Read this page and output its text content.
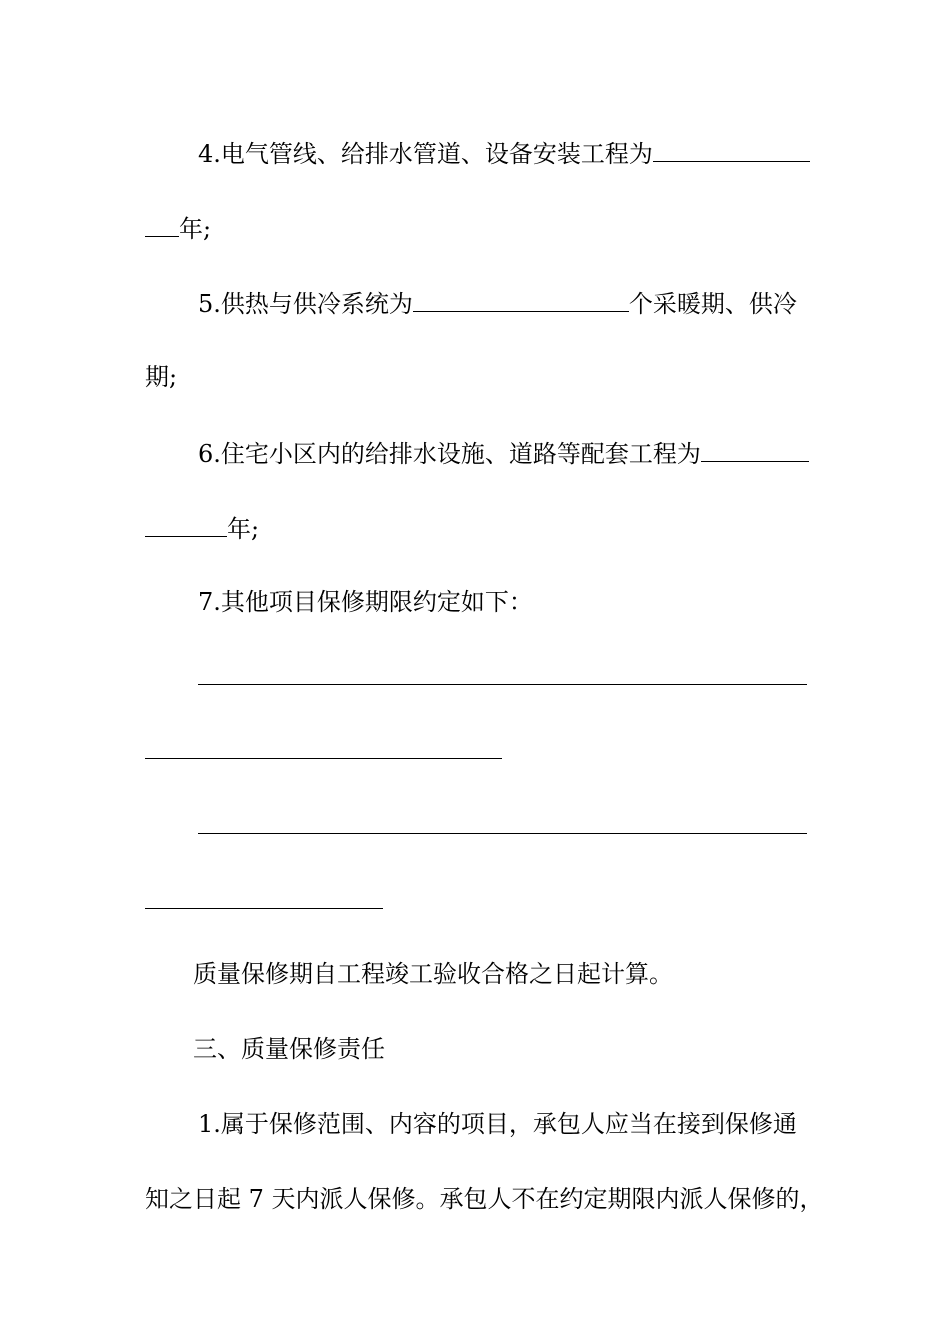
4.电气管线、给排水管道、设备安装工程为
年;
5.供热与供冷系统为	个采暖期、供冷
期;
6.住宅小区内的给排水设施、道路等配套工程为
年;
7.其他项目保修期限约定如下：
质量保修期自工程竣工验收合格之日起计算。
三、质量保修责任
1.属于保修范围、内容的项目，承包人应当在接到保修通
知之日起 7 天内派人保修。承包人不在约定期限内派人保修的，
